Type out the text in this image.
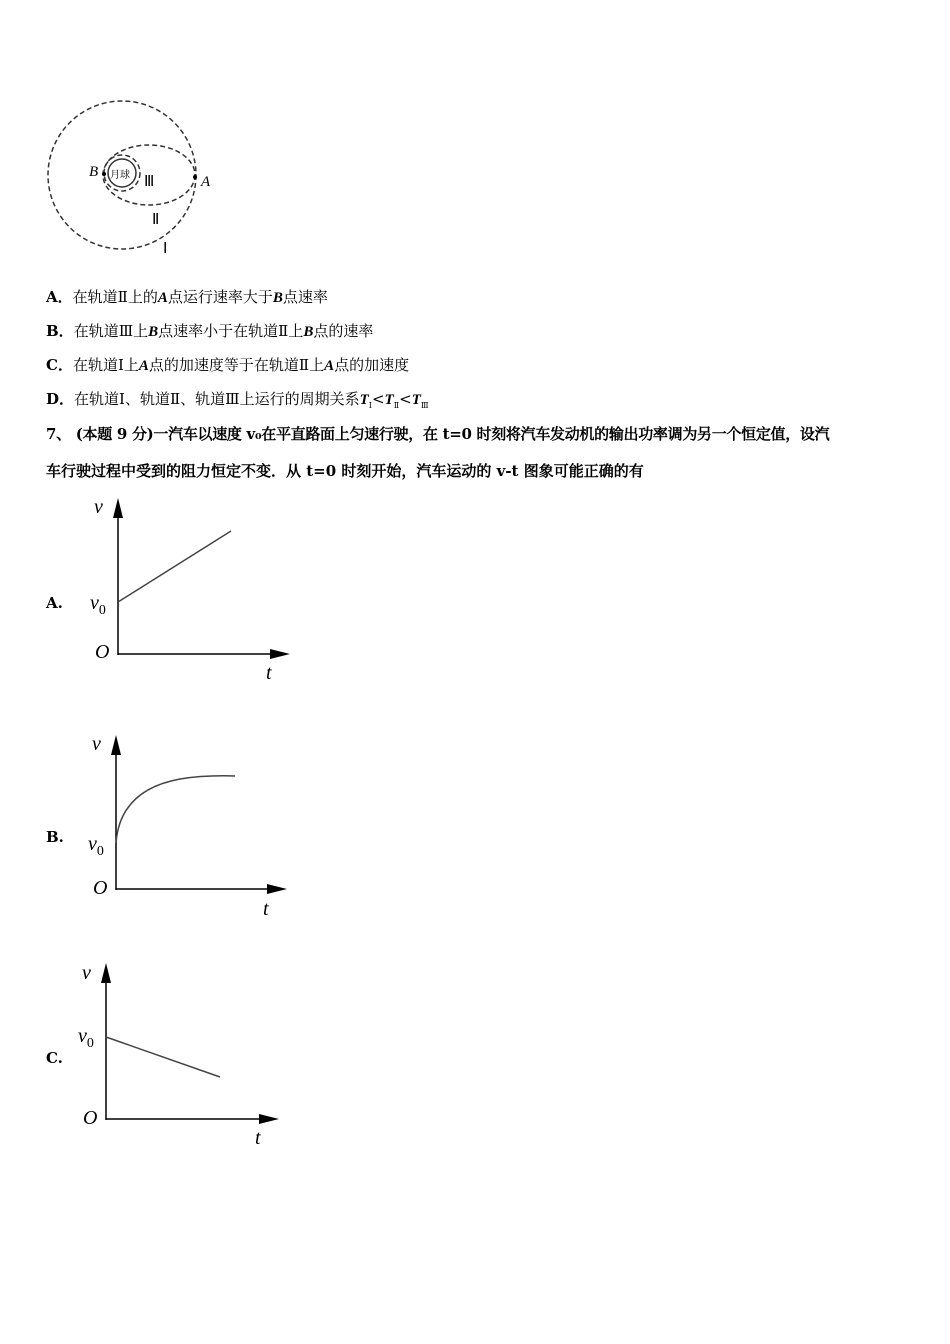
月球
B
A
Ⅲ
Ⅱ
Ⅰ
A．在轨道Ⅱ上的A点运行速率大于B点速率
B．在轨道Ⅲ上B点速率小于在轨道Ⅱ上B点的速率
C．在轨道Ⅰ上A点的加速度等于在轨道Ⅱ上A点的加速度
D．在轨道Ⅰ、轨道Ⅱ、轨道Ⅲ上运行的周期关系$T_Ⅰ<T_Ⅱ<T_Ⅲ$
7、 (本题 9 分)一汽车以速度 v₀在平直路面上匀速行驶，在 t=0 时刻将汽车发动机的输出功率调为另一个恒定值，设汽
车行驶过程中受到的阻力恒定不变．从 t=0 时刻开始，汽车运动的 v-t 图象可能正确的有
A.
v
$v_0$
O
t
B.
v
$v_0$
O
t
C.
v
$v_0$
O
t
